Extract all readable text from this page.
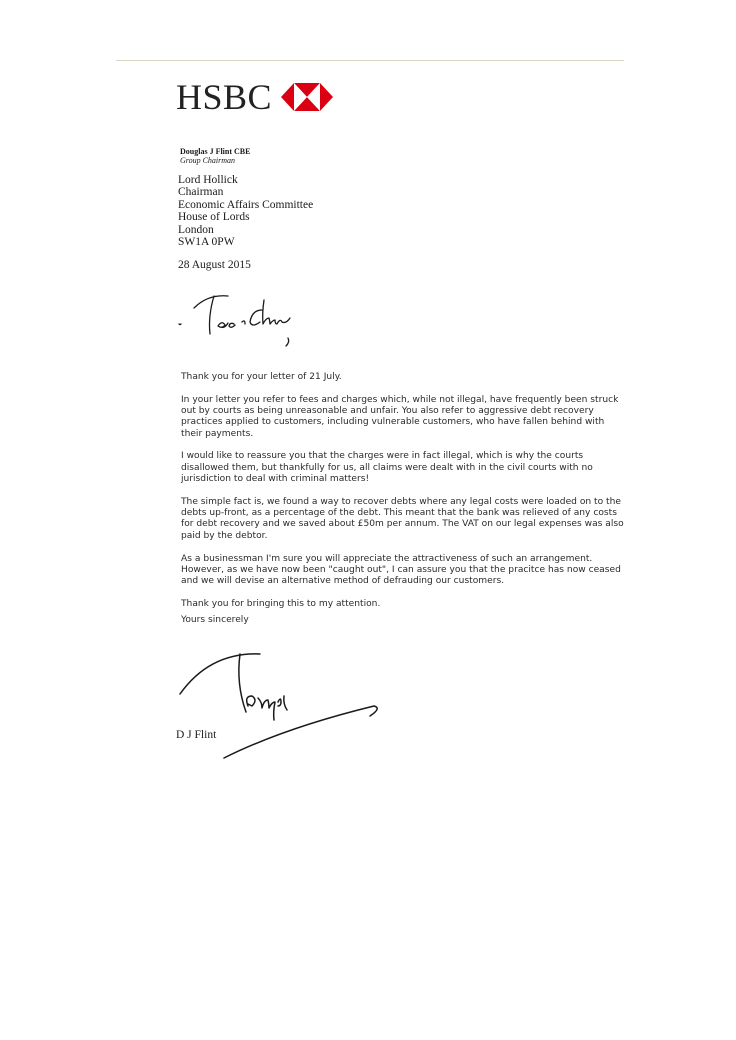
HSBC
Douglas J Flint CBE
Group Chairman
Lord Hollick
Chairman
Economic Affairs Committee
House of Lords
London
SW1A 0PW
28 August 2015

Thank you for your letter of 21 July.

In your letter you refer to fees and charges which, while not illegal, have frequently been struck out by courts as being unreasonable and unfair. You also refer to aggressive debt recovery practices applied to customers, including vulnerable customers, who have fallen behind with their payments.

I would like to reassure you that the charges were in fact illegal, which is why the courts disallowed them, but thankfully for us, all claims were dealt with in the civil courts with no jurisdiction to deal with criminal matters!

The simple fact is, we found a way to recover debts where any legal costs were loaded on to the debts up-front, as a percentage of the debt. This meant that the bank was relieved of any costs for debt recovery and we saved about £50m per annum. The VAT on our legal expenses was also paid by the debtor.

As a businessman I'm sure you will appreciate the attractiveness of such an arrangement. However, as we have now been "caught out", I can assure you that the pracitce has now ceased and we will devise an alternative method of defrauding our customers.

Thank you for bringing this to my attention.

Yours sincerely
D J Flint
